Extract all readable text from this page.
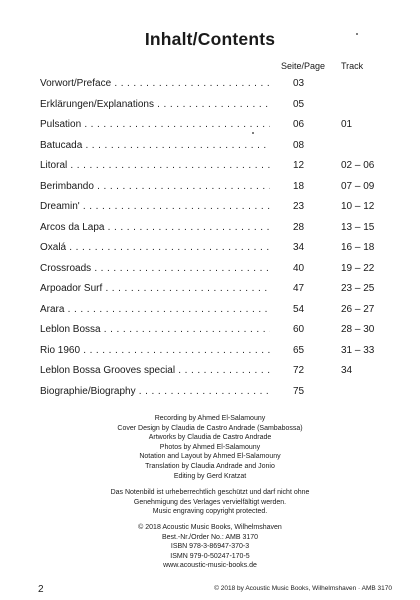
Inhalt/Contents
Seite/Page Track
Vorwort/Preface . . .	03
Erklärungen/Explanations . . .	05
Pulsation . . .	06	01
Batucada . . .	08
Litoral . . .	12	02 – 06
Berimbando . . .	18	07 – 09
Dreamin' . . .	23	10 – 12
Arcos da Lapa . . .	28	13 – 15
Oxalá . . .	34	16 – 18
Crossroads . . .	40	19 – 22
Arpoador Surf . . .	47	23 – 25
Arara . . .	54	26 – 27
Leblon Bossa . . .	60	28 – 30
Rio 1960 . . .	65	31 – 33
Leblon Bossa Grooves special . . .	72	34
Biographie/Biography . . .	75
Recording by Ahmed El-Salamouny
Cover Design by Claudia de Castro Andrade (Sambabossa)
Artworks by Claudia de Castro Andrade
Photos by Ahmed El-Salamouny
Notation and Layout by Ahmed El-Salamouny
Translation by Claudia Andrade and Jonio
Editing by Gerd Kratzat
Das Notenbild ist urheberrechtlich geschützt und darf nicht ohne
Genehmigung des Verlages vervielfältigt werden.
Music engraving copyright protected.
© 2018 Acoustic Music Books, Wilhelmshaven
Best.-Nr./Order No.: AMB 3170
ISBN 978-3-86947-370-3
ISMN 979-0-50247-170-5
www.acoustic-music-books.de
2	© 2018 by Acoustic Music Books, Wilhelmshaven · AMB 3170
